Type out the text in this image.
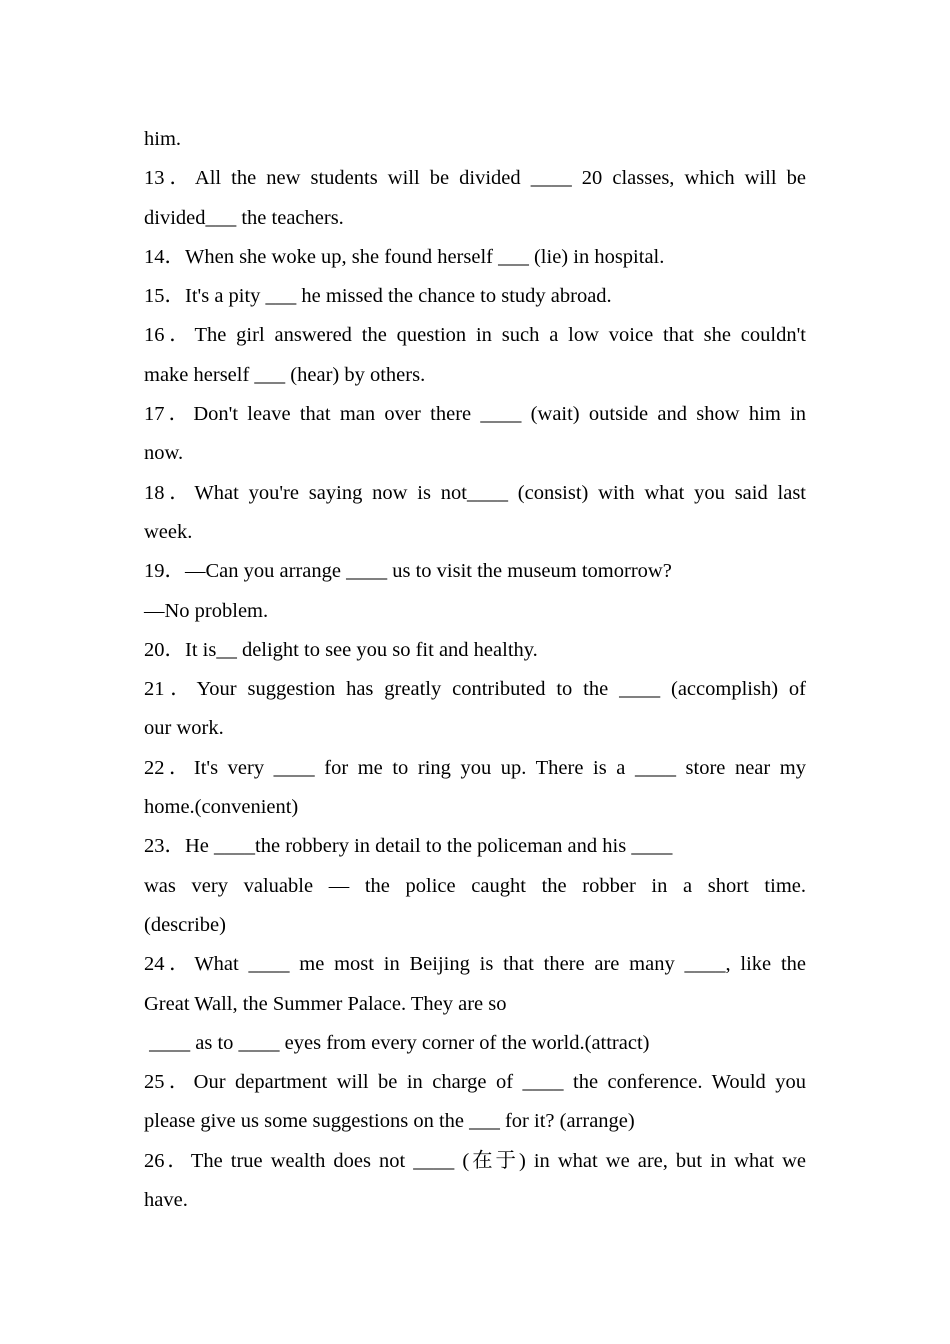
him.
13．All the new students will be divided ____ 20 classes, which will be
divided___ the teachers.
14．When she woke up, she found herself ___ (lie) in hospital.
15．It's a pity ___ he missed the chance to study abroad.
16．The girl answered the question in such a low voice that she couldn't
make herself ___ (hear) by others.
17．Don't leave that man over there ____ (wait) outside and show him in
now.
18．What you're saying now is not____ (consist) with what you said last
week.
19．—Can you arrange ____ us to visit the museum tomorrow?
—No problem.
20．It is__ delight to see you so fit and healthy.
21．Your suggestion has greatly contributed to the ____ (accomplish) of
our work.
22．It's very ____ for me to ring you up. There is a ____ store near my
home.(convenient)
23．He ____the robbery in detail to the policeman and his ____
was very valuable — the police caught the robber in a short time.
(describe)
24．What ____ me most in Beijing is that there are many ____, like the
Great Wall, the Summer Palace. They are so
____ as to ____ eyes from every corner of the world.(attract)
25．Our department will be in charge of ____ the conference. Would you
please give us some suggestions on the ___ for it? (arrange)
26．The true wealth does not ____ (在于) in what we are, but in what we
have.
